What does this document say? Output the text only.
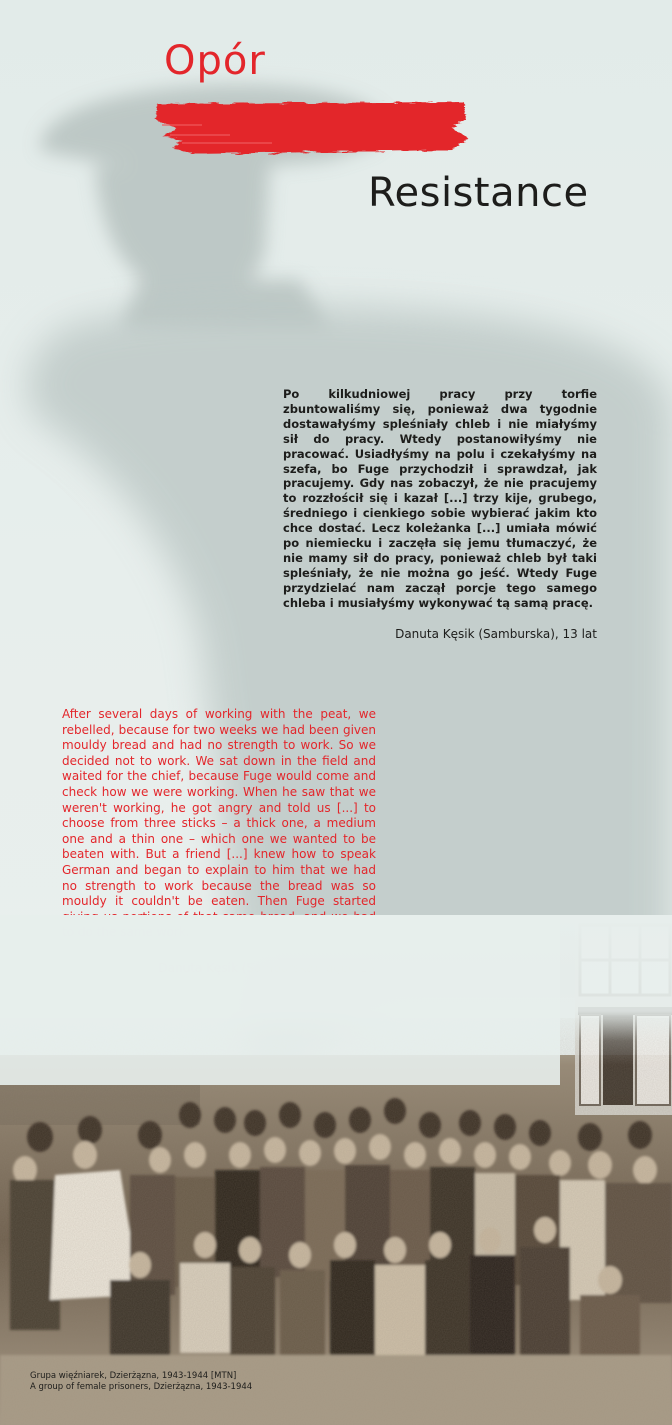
Opór
Resistance

Po kilkudniowej pracy przy torfie zbuntowaliśmy się, ponieważ dwa tygodnie dostawałyśmy spleśniały chleb i nie miałyśmy sił do pracy. Wtedy postanowiłyśmy nie pracować. Usiadłyśmy na polu i czekałyśmy na szefa, bo Fuge przychodził i sprawdzał, jak pracujemy. Gdy nas zobaczył, że nie pracujemy to rozzłościł się i kazał [...] trzy kije, grubego, średniego i cienkiego sobie wybierać jakim kto chce dostać. Lecz koleżanka [...] umiała mówić po niemiecku i zaczęła się jemu tłumaczyć, że nie mamy sił do pracy, ponieważ chleb był taki spleśniały, że nie można go jeść. Wtedy Fuge przydzielać nam zaczął porcje tego samego chleba i musiałyśmy wykonywać tą samą pracę.

Danuta Kęsik (Samburska), 13 lat

After several days of working with the peat, we rebelled, because for two weeks we had been given mouldy bread and had no strength to work. So we decided not to work. We sat down in the field and waited for the chief, because Fuge would come and check how we were working. When he saw that we weren't working, he got angry and told us [...] to choose from three sticks – a thick one, a medium one and a thin one – which one we wanted to be beaten with. But a friend [...] knew how to speak German and began to explain to him that we had no strength to work because the bread was so mouldy it couldn't be eaten. Then Fuge started

Grupa więźniarek, Dzierżązna, 1943-1944 [MTN]
A group of female prisoners, Dzierżązna, 1943-1944
